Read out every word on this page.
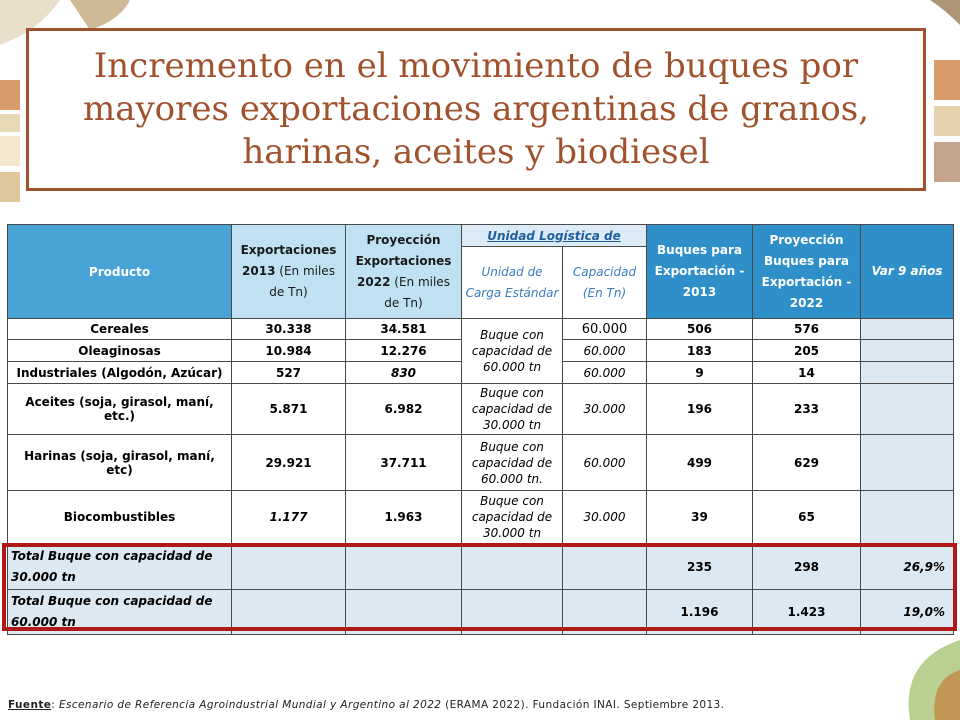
Incremento en el movimiento de buques por mayores exportaciones argentinas de granos, harinas, aceites y biodiesel
Producto	Exportaciones 2013 (En miles de Tn)	Proyección Exportaciones 2022 (En miles de Tn)	Unidad Logística de		Buques para Exportación - 2013	Proyección Buques para Exportación - 2022	Var 9 años
			Unidad de Carga Estándar	Capacidad (En Tn)			
Cereales	30.338	34.581	Buque con capacidad de 60.000 tn	60.000	506	576	
Oleaginosas	10.984	12.276		60.000	183	205	
Industriales (Algodón, Azúcar)	527	830		60.000	9	14	
Aceites (soja, girasol, maní, etc.)	5.871	6.982	Buque con capacidad de 30.000 tn	30.000	196	233	
Harinas (soja, girasol, maní, etc)	29.921	37.711	Buque con capacidad de 60.000 tn.	60.000	499	629	
Biocombustibles	1.177	1.963	Buque con capacidad de 30.000 tn	30.000	39	65	
Total Buque con capacidad de 30.000 tn					235	298	26,9%
Total Buque con capacidad de 60.000 tn					1.196	1.423	19,0%
Fuente: Escenario de Referencia Agroindustrial Mundial y Argentino al 2022 (ERAMA 2022). Fundación INAI. Septiembre 2013.
